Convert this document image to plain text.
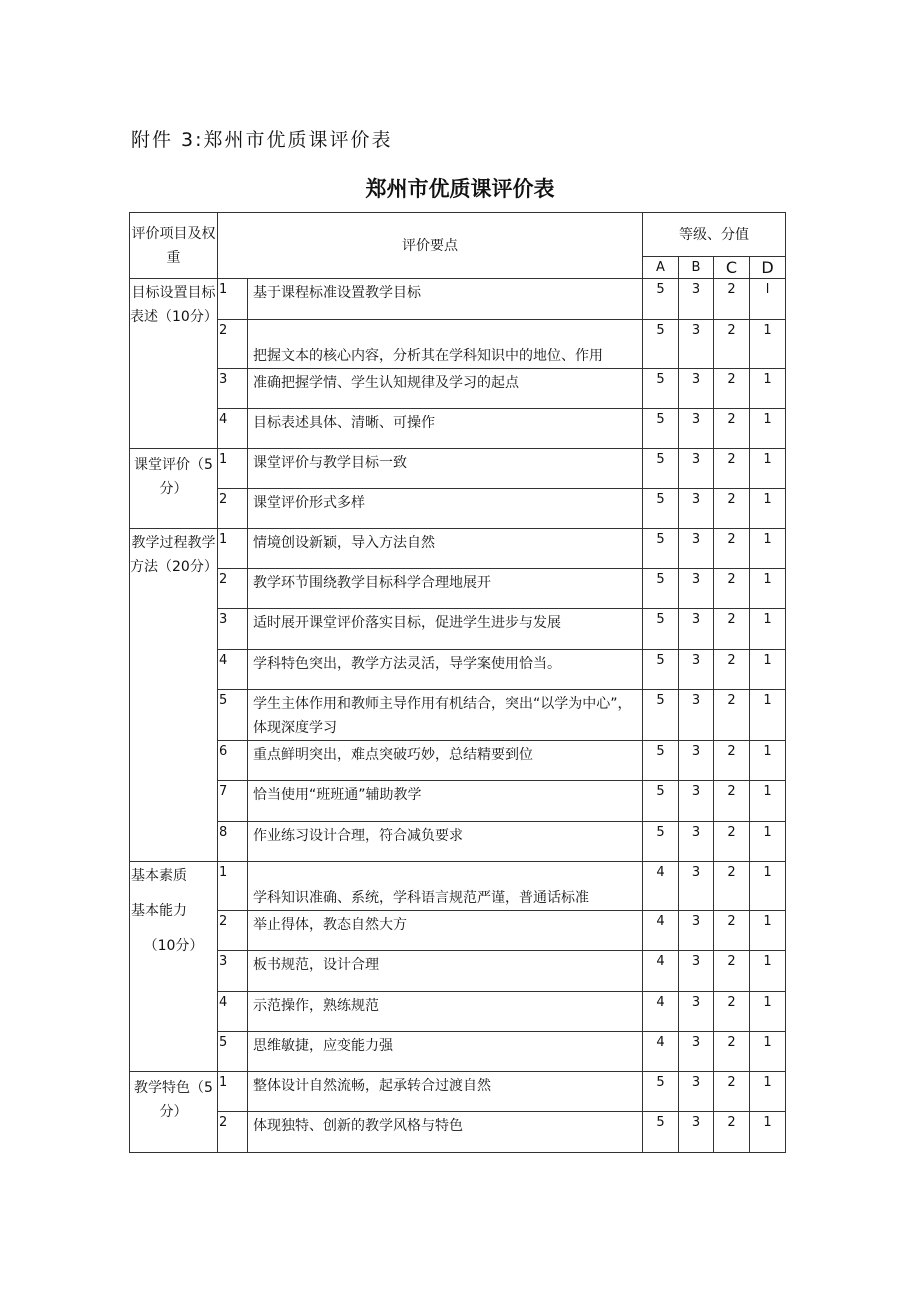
附件 3:郑州市优质课评价表
郑州市优质课评价表
评价项目及权重	评价要点		等级、分值			
			A	B	C	D
目标设置目标表述（10分）	1	基于课程标准设置教学目标	5	3	2	l
	2	把握文本的核心内容，分析其在学科知识中的地位、作用	5	3	2	1
	3	准确把握学情、学生认知规律及学习的起点	5	3	2	1
	4	目标表述具体、清晰、可操作	5	3	2	1
课堂评价（5分）	1	课堂评价与教学目标一致	5	3	2	1
	2	课堂评价形式多样	5	3	2	1
教学过程教学方法（20分）	1	情境创设新颖，导入方法自然	5	3	2	1
	2	教学环节围绕教学目标科学合理地展开	5	3	2	1
	3	适时展开课堂评价落实目标，促进学生进步与发展	5	3	2	1
	4	学科特色突出，教学方法灵活，导学案使用恰当。	5	3	2	1
	5	学生主体作用和教师主导作用有机结合，突出“以学为中心”，体现深度学习	5	3	2	1
	6	重点鲜明突出，难点突破巧妙，总结精要到位	5	3	2	1
	7	恰当使用“班班通”辅助教学	5	3	2	1
	8	作业练习设计合理，符合减负要求	5	3	2	1

基本素质
基本能力
（10分）	1	学科知识准确、系统，学科语言规范严谨，普通话标准	4	3	2	1
	2	举止得体，教态自然大方	4	3	2	1
	3	板书规范，设计合理	4	3	2	1
	4	示范操作，熟练规范	4	3	2	1
	5	思维敏捷，应变能力强	4	3	2	1
教学特色（5分）	1	整体设计自然流畅，起承转合过渡自然	5	3	2	1
	2	体现独特、创新的教学风格与特色	5	3	2	1
